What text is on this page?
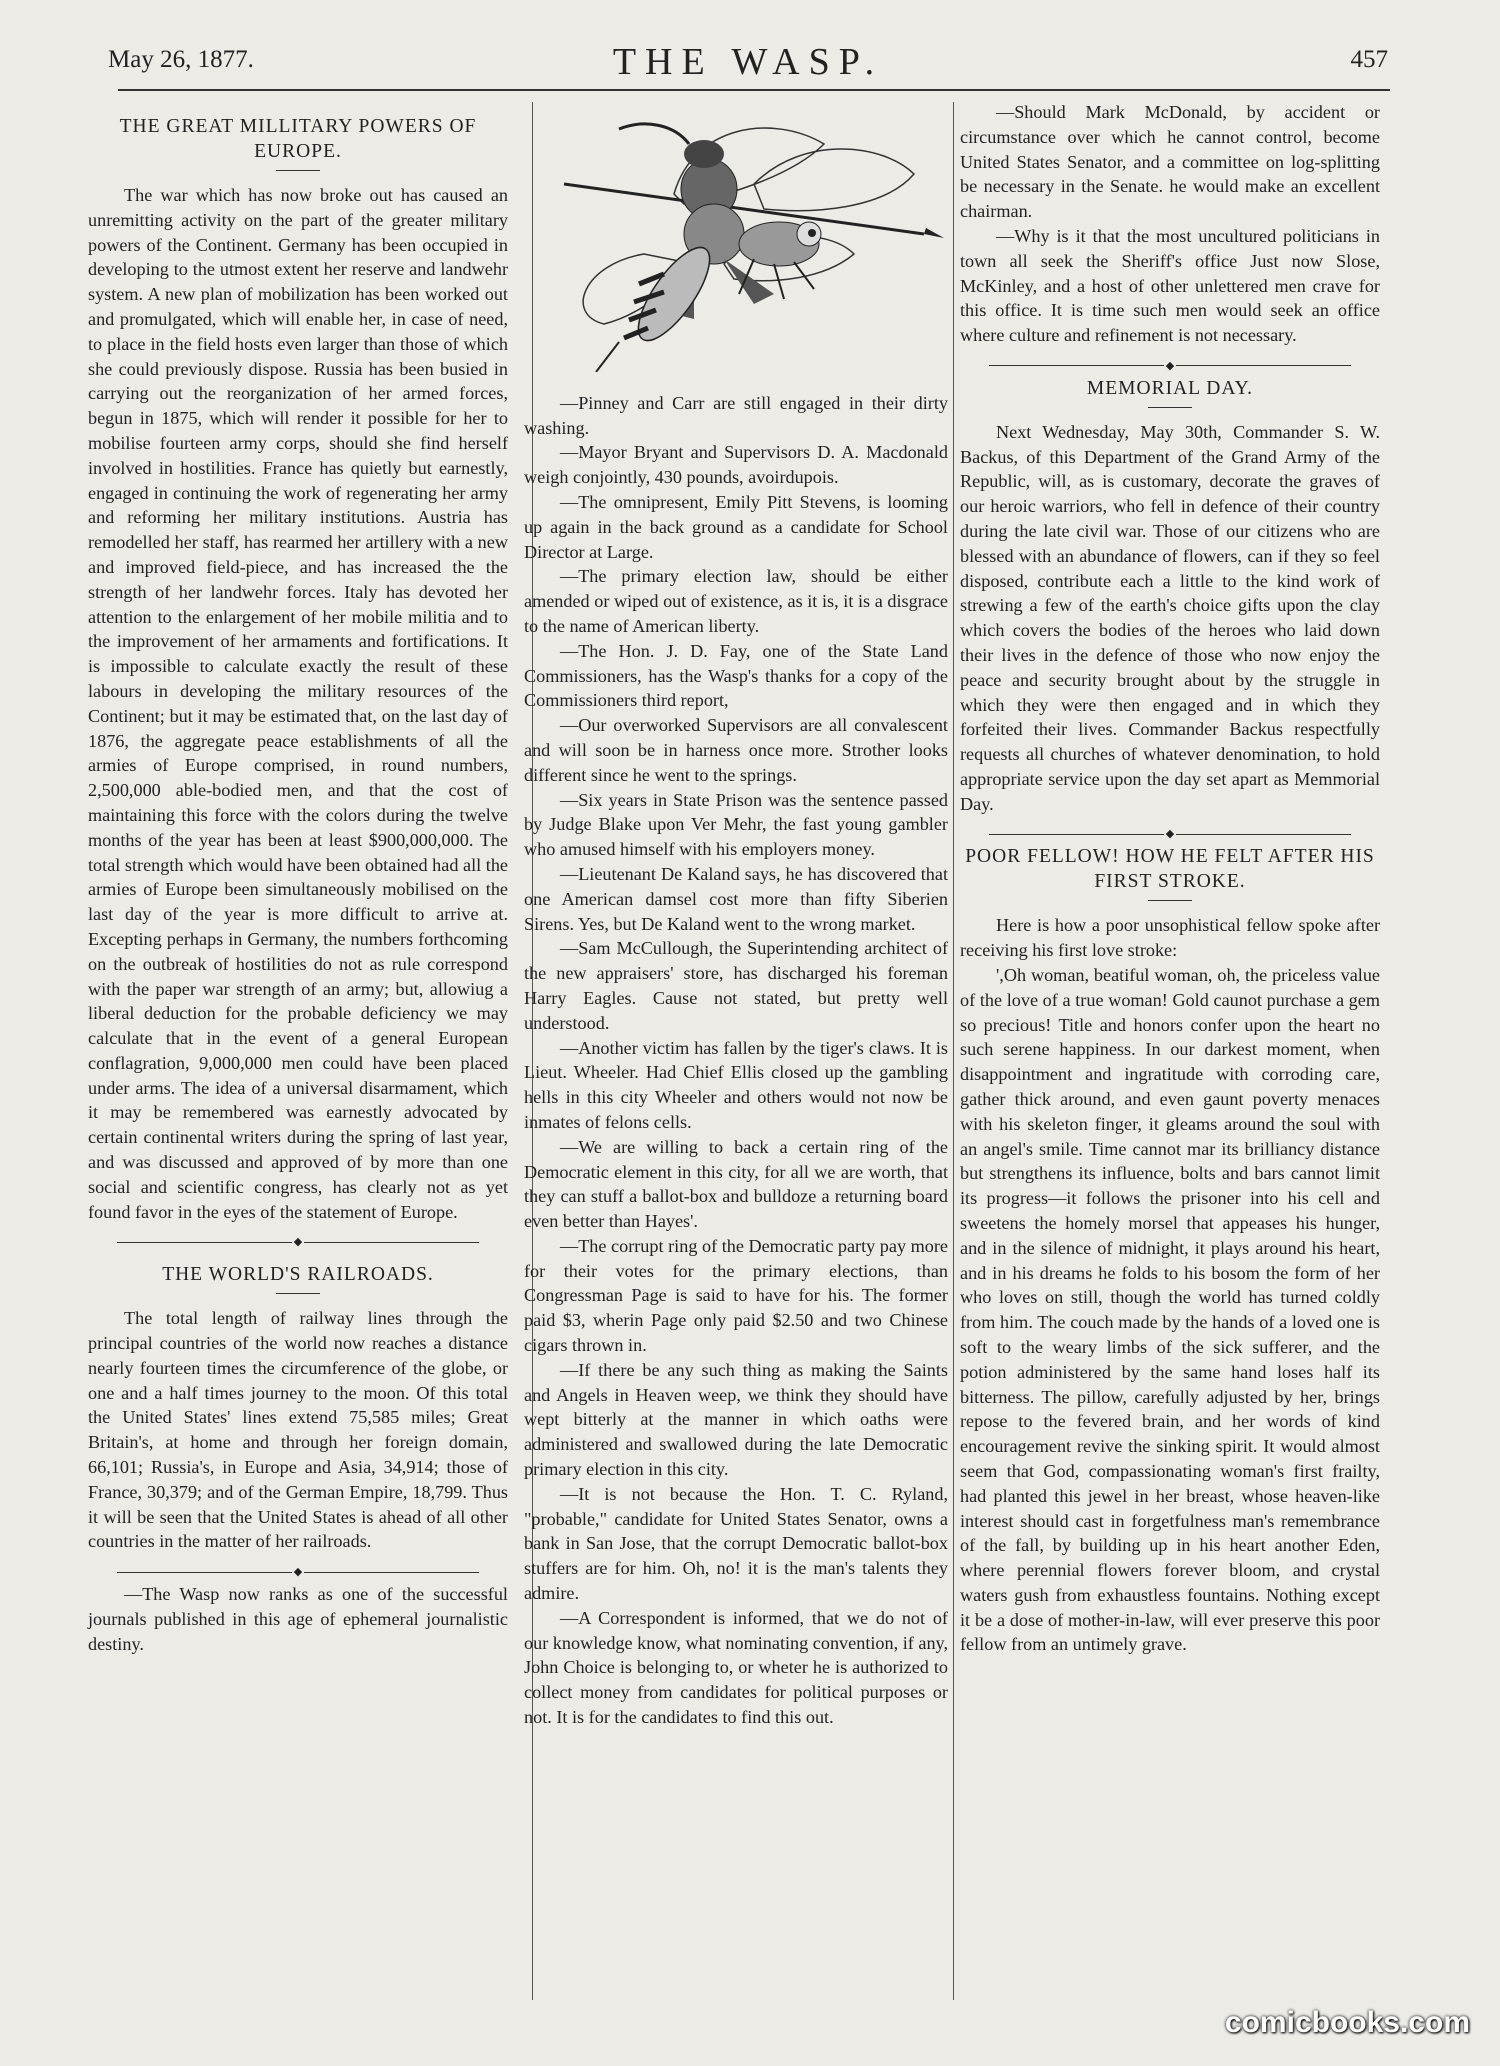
May 26, 1877.	THE WASP.	457
THE GREAT MILLITARY POWERS OF EUROPE.

The war which has now broke out has caused an unremitting activity on the part of the greater military powers of the Continent. Germany has been occupied in developing to the utmost extent her reserve and landwehr system. A new plan of mobilization has been worked out and promulgated, which will enable her, in case of need, to place in the field hosts even larger than those of which she could previously dispose. Russia has been busied in carrying out the reorganization of her armed forces, begun in 1875, which will render it possible for her to mobilise fourteen army corps, should she find herself involved in hostilities. France has quietly but earnestly, engaged in continuing the work of regenerating her army and reforming her military institutions. Austria has remodelled her staff, has rearmed her artillery with a new and improved field-piece, and has increased the the strength of her landwehr forces. Italy has devoted her attention to the enlargement of her mobile militia and to the improvement of her armaments and fortifications. It is impossible to calculate exactly the result of these labours in developing the military resources of the Continent; but it may be estimated that, on the last day of 1876, the aggregate peace establishments of all the armies of Europe comprised, in round numbers, 2,500,000 able-bodied men, and that the cost of maintaining this force with the colors during the twelve months of the year has been at least $900,000,000. The total strength which would have been obtained had all the armies of Europe been simultaneously mobilised on the last day of the year is more difficult to arrive at. Excepting perhaps in Germany, the numbers forthcoming on the outbreak of hostilities do not as rule correspond with the paper war strength of an army; but, allowiug a liberal deduction for the probable deficiency we may calculate that in the event of a general European conflagration, 9,000,000 men could have been placed under arms. The idea of a universal disarmament, which it may be remembered was earnestly advocated by certain continental writers during the spring of last year, and was discussed and approved of by more than one social and scientific congress, has clearly not as yet found favor in the eyes of the statement of Europe.

◆
THE WORLD'S RAILROADS.

The total length of railway lines through the principal countries of the world now reaches a distance nearly fourteen times the circumference of the globe, or one and a half times journey to the moon. Of this total the United States' lines extend 75,585 miles; Great Britain's, at home and through her foreign domain, 66,101; Russia's, in Europe and Asia, 34,914; those of France, 30,379; and of the German Empire, 18,799. Thus it will be seen that the United States is ahead of all other countries in the matter of her railroads.

◆

—The Wasp now ranks as one of the successful journals published in this age of ephemeral journalistic destiny.

—Pinney and Carr are still engaged in their dirty washing.

—Mayor Bryant and Supervisors D. A. Macdonald weigh conjointly, 430 pounds, avoirdupois.

—The omnipresent, Emily Pitt Stevens, is looming up again in the back ground as a candidate for School Director at Large.

—The primary election law, should be either amended or wiped out of existence, as it is, it is a disgrace to the name of American liberty.

—The Hon. J. D. Fay, one of the State Land Commissioners, has the Wasp's thanks for a copy of the Commissioners third report,

—Our overworked Supervisors are all convalescent and will soon be in harness once more. Strother looks different since he went to the springs.

—Six years in State Prison was the sentence passed by Judge Blake upon Ver Mehr, the fast young gambler who amused himself with his employers money.

—Lieutenant De Kaland says, he has discovered that one American damsel cost more than fifty Siberien Sirens. Yes, but De Kaland went to the wrong market.

—Sam McCullough, the Superintending architect of the new appraisers' store, has discharged his foreman Harry Eagles. Cause not stated, but pretty well understood.

—Another victim has fallen by the tiger's claws. It is Lieut. Wheeler. Had Chief Ellis closed up the gambling hells in this city Wheeler and others would not now be inmates of felons cells.

—We are willing to back a certain ring of the Democratic element in this city, for all we are worth, that they can stuff a ballot-box and bulldoze a returning board even better than Hayes'.

—The corrupt ring of the Democratic party pay more for their votes for the primary elections, than Congressman Page is said to have for his. The former paid $3, wherin Page only paid $2.50 and two Chinese cigars thrown in.

—If there be any such thing as making the Saints and Angels in Heaven weep, we think they should have wept bitterly at the manner in which oaths were administered and swallowed during the late Democratic primary election in this city.

—It is not because the Hon. T. C. Ryland, "probable," candidate for United States Senator, owns a bank in San Jose, that the corrupt Democratic ballot-box stuffers are for him. Oh, no! it is the man's talents they admire.

—A Correspondent is informed, that we do not of our knowledge know, what nominating convention, if any, John Choice is belonging to, or wheter he is authorized to collect money from candidates for political purposes or not. It is for the candidates to find this out.

—Should Mark McDonald, by accident or circumstance over which he cannot control, become United States Senator, and a committee on log-splitting be necessary in the Senate. he would make an excellent chairman.

—Why is it that the most uncultured politicians in town all seek the Sheriff's office Just now Slose, McKinley, and a host of other unlettered men crave for this office. It is time such men would seek an office where culture and refinement is not necessary.

◆
MEMORIAL DAY.

Next Wednesday, May 30th, Commander S. W. Backus, of this Department of the Grand Army of the Republic, will, as is customary, decorate the graves of our heroic warriors, who fell in defence of their country during the late civil war. Those of our citizens who are blessed with an abundance of flowers, can if they so feel disposed, contribute each a little to the kind work of strewing a few of the earth's choice gifts upon the clay which covers the bodies of the heroes who laid down their lives in the defence of those who now enjoy the peace and security brought about by the struggle in which they were then engaged and in which they forfeited their lives. Commander Backus respectfully requests all churches of whatever denomination, to hold appropriate service upon the day set apart as Memmorial Day.

◆
POOR FELLOW! HOW HE FELT AFTER HIS FIRST STROKE.

Here is how a poor unsophistical fellow spoke after receiving his first love stroke:

',Oh woman, beatiful woman, oh, the priceless value of the love of a true woman! Gold caunot purchase a gem so precious! Title and honors confer upon the heart no such serene happiness. In our darkest moment, when disappointment and ingratitude with corroding care, gather thick around, and even gaunt poverty menaces with his skeleton finger, it gleams around the soul with an angel's smile. Time cannot mar its brilliancy distance but strengthens its influence, bolts and bars cannot limit its progress—it follows the prisoner into his cell and sweetens the homely morsel that appeases his hunger, and in the silence of midnight, it plays around his heart, and in his dreams he folds to his bosom the form of her who loves on still, though the world has turned coldly from him. The couch made by the hands of a loved one is soft to the weary limbs of the sick sufferer, and the potion administered by the same hand loses half its bitterness. The pillow, carefully adjusted by her, brings repose to the fevered brain, and her words of kind encouragement revive the sinking spirit. It would almost seem that God, compassionating woman's first frailty, had planted this jewel in her breast, whose heaven-like interest should cast in forgetfulness man's remembrance of the fall, by building up in his heart another Eden, where perennial flowers forever bloom, and crystal waters gush from exhaustless fountains. Nothing except it be a dose of mother-in-law, will ever preserve this poor fellow from an untimely grave.

comicbooks.com
